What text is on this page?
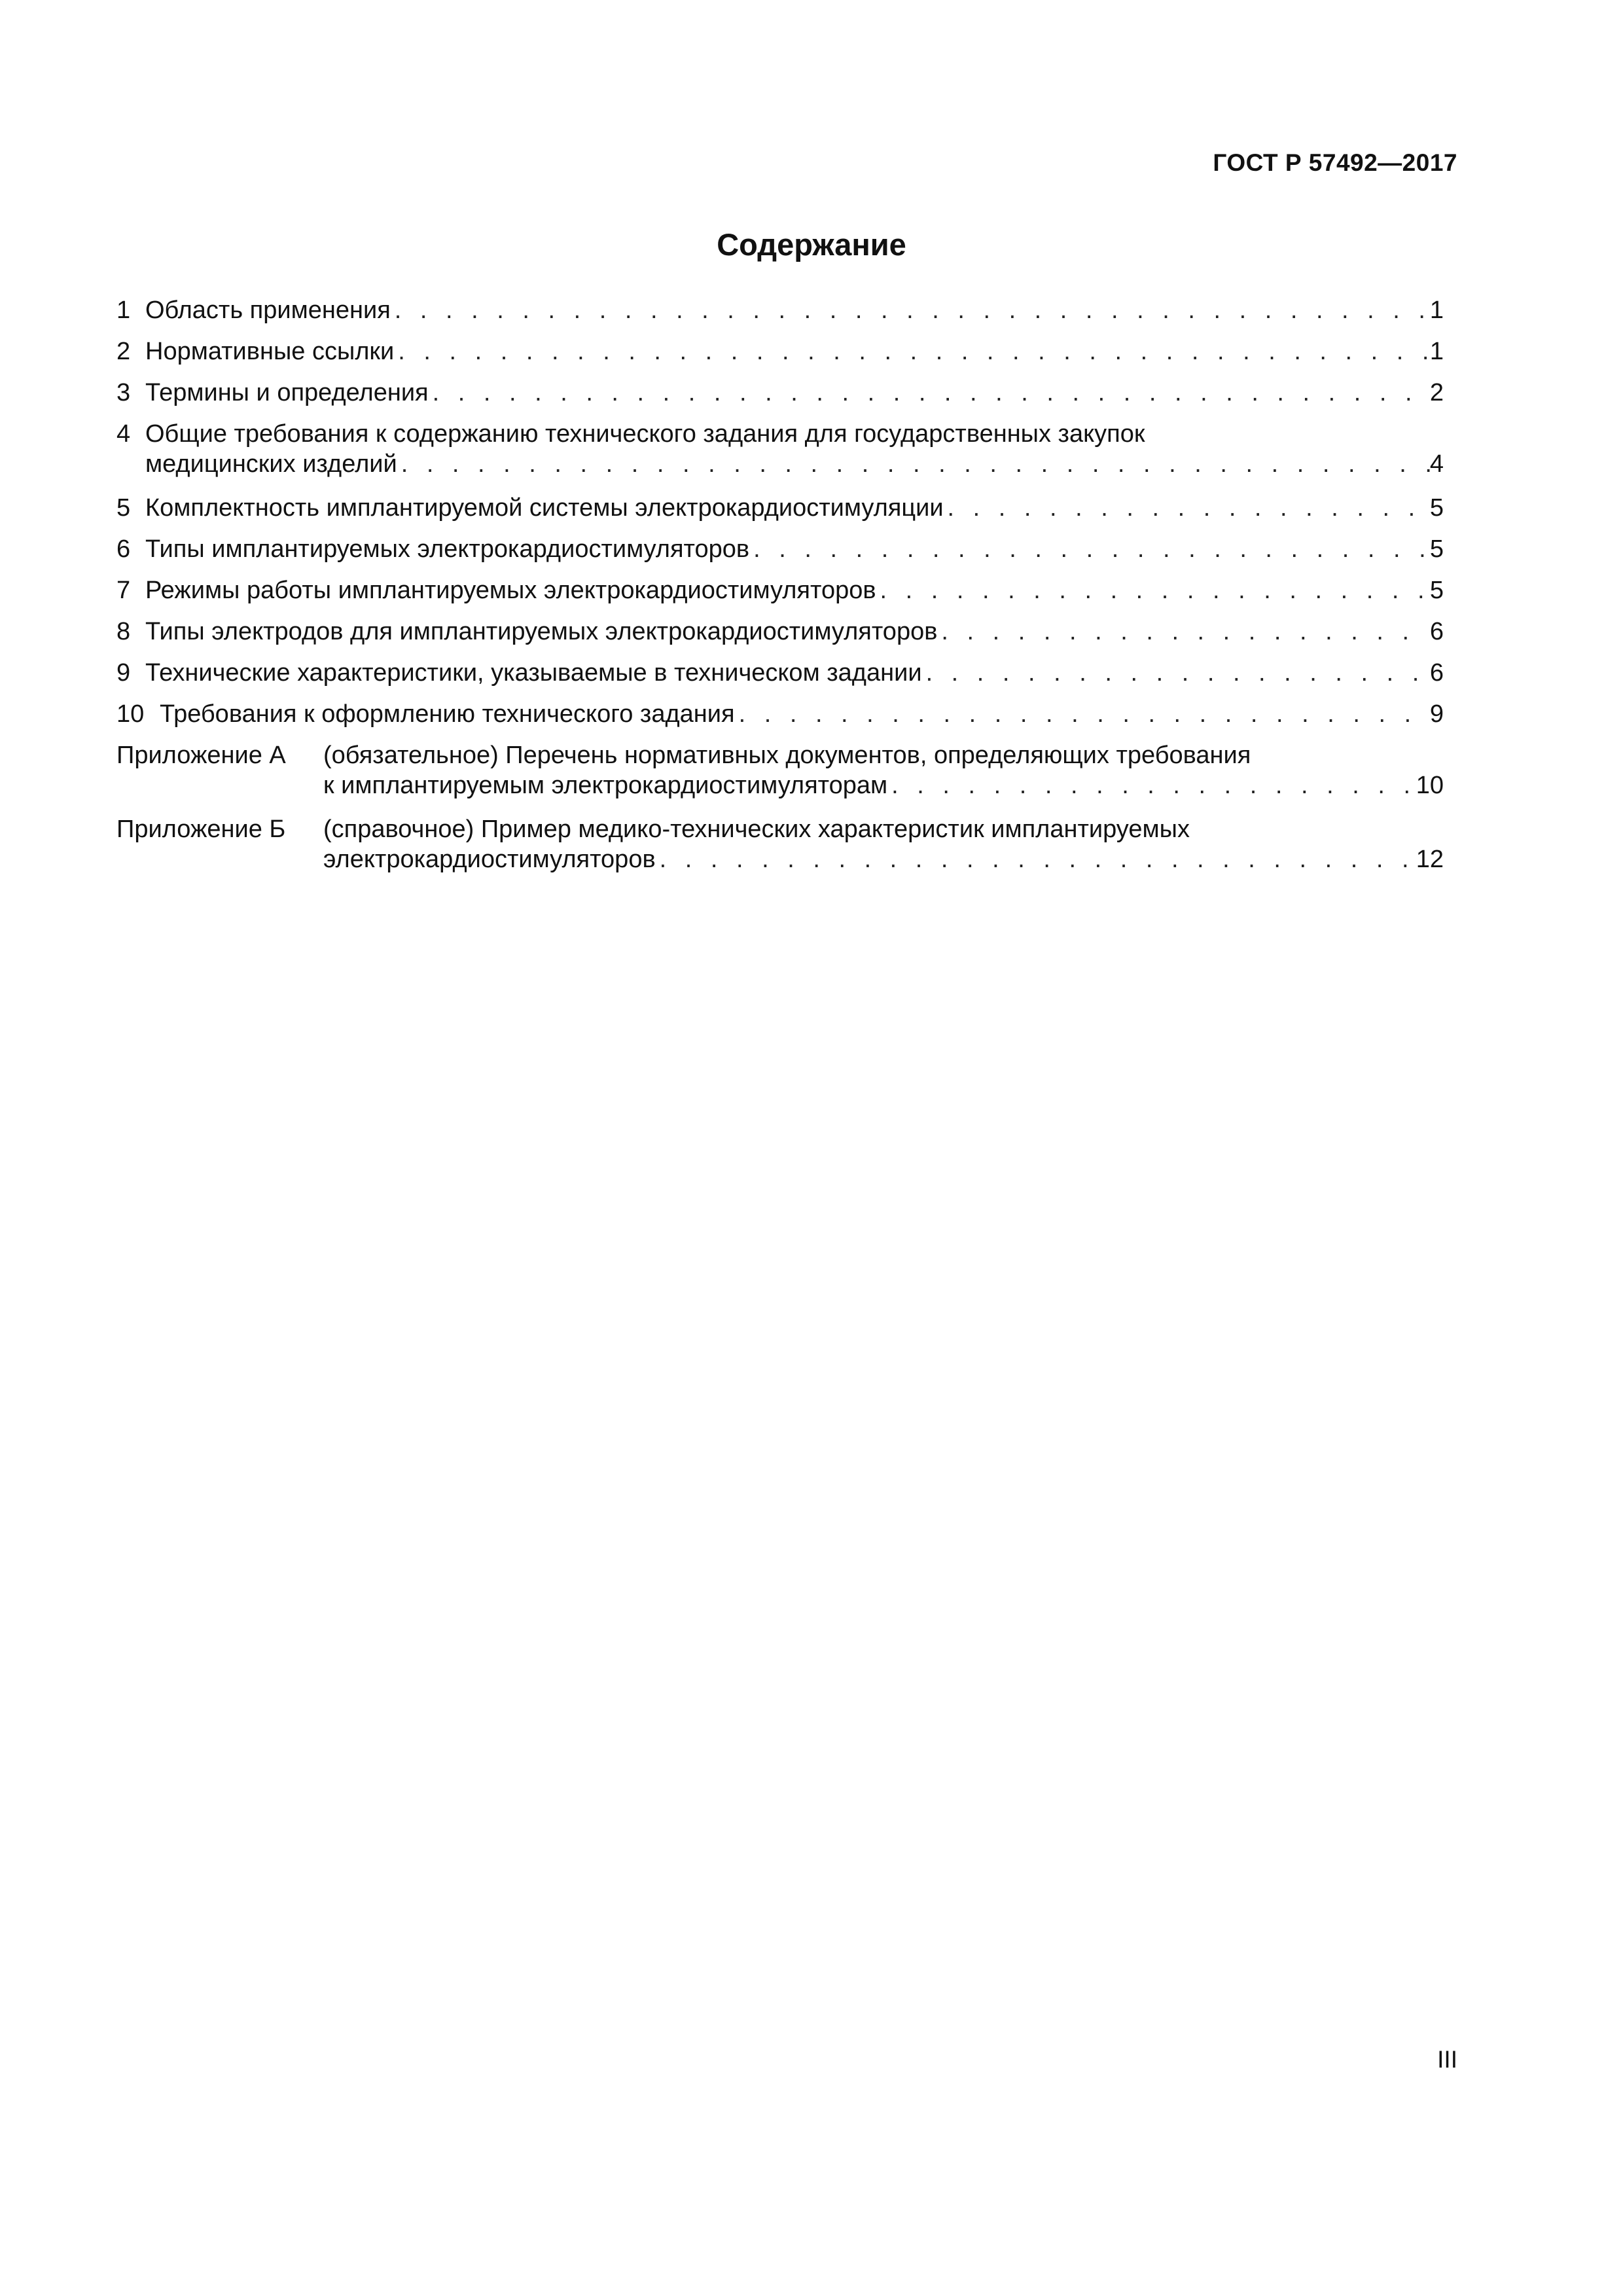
ГОСТ Р 57492—2017
Содержание
1 Область применения . . .	1
2 Нормативные ссылки . . .	1
3 Термины и определения . . .	2
4 Общие требования к содержанию технического задания для государственных закупок
медицинских изделий . . .	4
5 Комплектность имплантируемой системы электрокардиостимуляции . . .	5
6 Типы имплантируемых электрокардиостимуляторов . . .	5
7 Режимы работы имплантируемых электрокардиостимуляторов . . .	5
8 Типы электродов для имплантируемых электрокардиостимуляторов . . .	6
9 Технические характеристики, указываемые в техническом задании . . .	6
10 Требования к оформлению технического задания . . .	9
Приложение А	(обязательное) Перечень нормативных документов, определяющих требования
к имплантируемым электрокардиостимуляторам . . .	10
Приложение Б	(справочное) Пример медико-технических характеристик имплантируемых
электрокардиостимуляторов . . .	12
III
